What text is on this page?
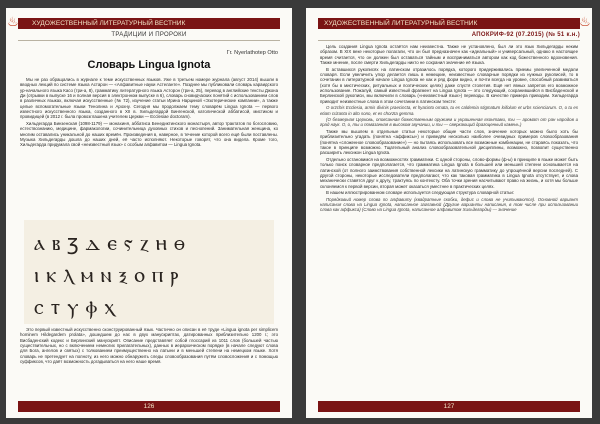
♨ ХУДОЖЕСТВЕННЫЙ ЛИТЕРАТУРНЫЙ ВЕСТНИК
ТРАДИЦИИ И ПРОРОКИ
Гг. Nyerlathotep Otto
Словарь Lingua Ignota

Мы не раз обращались в журнале к теме искусственных языков. Уже в третьем номере журнала (август 2014) вышли в вводных лекций по системе языка Астарон — «Алфавитные науки Астеланте». Позднее мы публиковали словарь караидского ур-начального языка Касо (три-а, 8), грамматику литературного языка Асторон (три-а, 25), перевод в английские тексты Джона Ди (отрывки в выпуске 16 и полная версия в электронном выпуске в 6), словарь сновидчаских понятий с использованием слов в различных языках, включая искусственные (№ 72), изучение статьи Ирина Нарциной «Эзотерические компании», а также целые вспомогательные языки Тенолина и Арохну. Сегодня мы продолжаем тему словарём Lingua Ignota — первого известного искусственного языка, созданного в XII в. Хильдегардой Бингенской, католической аббатисой, мистиком и провидицей (в 2012 г. была провозглашена учителем Церкви — Ecclesiae doctoram).

Хильдегарда Бинзенская (1098-1179) — монахиня, аббатиса Бенедиктинского монастыря, автор трактатов по богословию, естествознанию, медицине, фармакологии, сочинительница духовных стихов и песнопений. Занимательная женщина, ко многим оставались уникальной до наших времён. Произведения в, наверное, в течение которой всего ещё были поставлены. Музыка Хильдегарды дошла до наших дней, её часто исполняют. Некоторые говорят, что она видела. Кроме того, Хильдегарда придумала свой «неизвестный язык» с особым алфавитом — Lingua Ignota.

ⲁ ⲃ ⳅ ⲇ ⲉ ⲋ ⲍ ⲏ ⲑ
ⲓ ⲕ ⲗ ⲙ ⲛ ⲝ ⲟ ⲡ ⲣ
ⲥ ⲧ ⲩ ⲫ ⲭ

Это первый известный искусственно сконструированный язык. Частично он описан в её труде «Lingua ignota per simplicem hominem Hildegardem prolata», дошедшем до нас в двух манускриптах, датированных приблизительно 1200 г.; это Висбаденский кодекс и Берлинский манускрипт. Описание представляет собой глоссарий из 1011 слов (большей частью существительных, но с включением немногих прилагательных), данных в иерархическом порядке (в начале следуют слова для Бога, ангелов и святых) с толкованием преимущественно на латыни и в меньшей степени на немецком языке. Хотя словарь не претендует на полноту, из него можно обнаружить следы словообразования путём словосложения и с помощью суффиксов, что даёт возможность догадываться на него наше время.

126
ХУДОЖЕСТВЕННЫЙ ЛИТЕРАТУРНЫЙ ВЕСТНИК	♨
АПОКРИФ-92 (07.2015) (№ 51 к.н.)

Цель создания Lingua Ignota остаётся нам неизвестна. Также не установлено, был ли это язык Хильдегарды неким образом. В XIX веке некоторые полагали, что он был предназначен как «идеальный» и универсальный, однако в настоящее время считается, что он должен был оставаться тайным и восприниматься автором как код божественного вдохновения. Также мнение, после смерти Хильдегарды никто не сохранил значение её языка.

В аставшихся рукописях на латинском отразилось порядка, которого придерживались приемы увеличенной медали словаря. Если увеличить упор делается лишь в немецкие, неизвестные словарные порядки из нужных рукописей, то в сочетании в литературной начале Lingua Ignota не как и ряд форм видно, и почти всегда на уровне, способный развиваться (хотя бы в мистических, ритуальных и поэтических целях) даже спустя столетия. Ещё нет явных запретов его возможное использование. Пожалуй, самый известный фрагмент на Lingua Ignota — это следующий, сохранившийся в Висбаденской и Берлинской рукописи, мы включили в словарь («неизвестный язык») переводы. В качестве примера приводим. Хильдегарда приводит неизвестные слова в этом сочетании в латинском тексте:

O orzchis Ecclesia, armis divinis praecincta, et hyacinto ornata, tu es caldemia stigmatum loifolum et urbs scienciarum. O, o tu es etiam crizanta in alto sono, et es chorzta gemma.

(О безмерная Церковь, опоясанная божественным оружием и украшенная яхонтами, ты — аромат от ран народов и град наук. О, о, ты и помазанная в высоком звучании, и ты — сверкающий драгоценный камень.)

Также мы вышлем в отдельные статьи некоторые общие части слов, значение которых можно было хоть бы приблизительно угадать (понятна «аффиксы») и приведём несколько наиболее очевидных примеров словообразования (понятна «сложенное словообразование») — но пытаясь использовать все возможные комбинации, не стараясь показать, что такое в принципе возможно. Тщательный анализ словообразовательной дисциплины, возможно, позволит существенно расширить лексикон Lingua Ignota.

Отдельно остановимся на возможностях грамматики. С одной стороны, слово-формы (ф-ы) в принципе в языке может быть только поиск словарное предполагается, что грамматика Lingua Ignota в большей или меньшей степени основывается на латинской (от полного заимствования собственной лексики на латинскую грамматику до упрощённой версии последней). С другой стороны, некоторые исследователи предполагают, что как таковая грамматика в Lingua Ignota отсутствует, и слова механически ставятся друг к другу, трактуясь по контексту. Оба точки зрения насчитывают право на жизнь, и хотя мы больше склоняемся к первой версии, вторая может оказаться уместнее в практических целях.

В нашем иллюстрированном словаре используется следующая структура словарной статьи:

Порядковый номер слова по алфавиту (квадратные скобки, дефис и слова не учитываются). Основной вариант написания слова на Lingua Ignota, написанное заглавной (Другие варианты написания, в том числе при использовании слова как аффикса) (Слово на Lingua Ignota, написанное алфавитом Хильдегарды) — значение

127
